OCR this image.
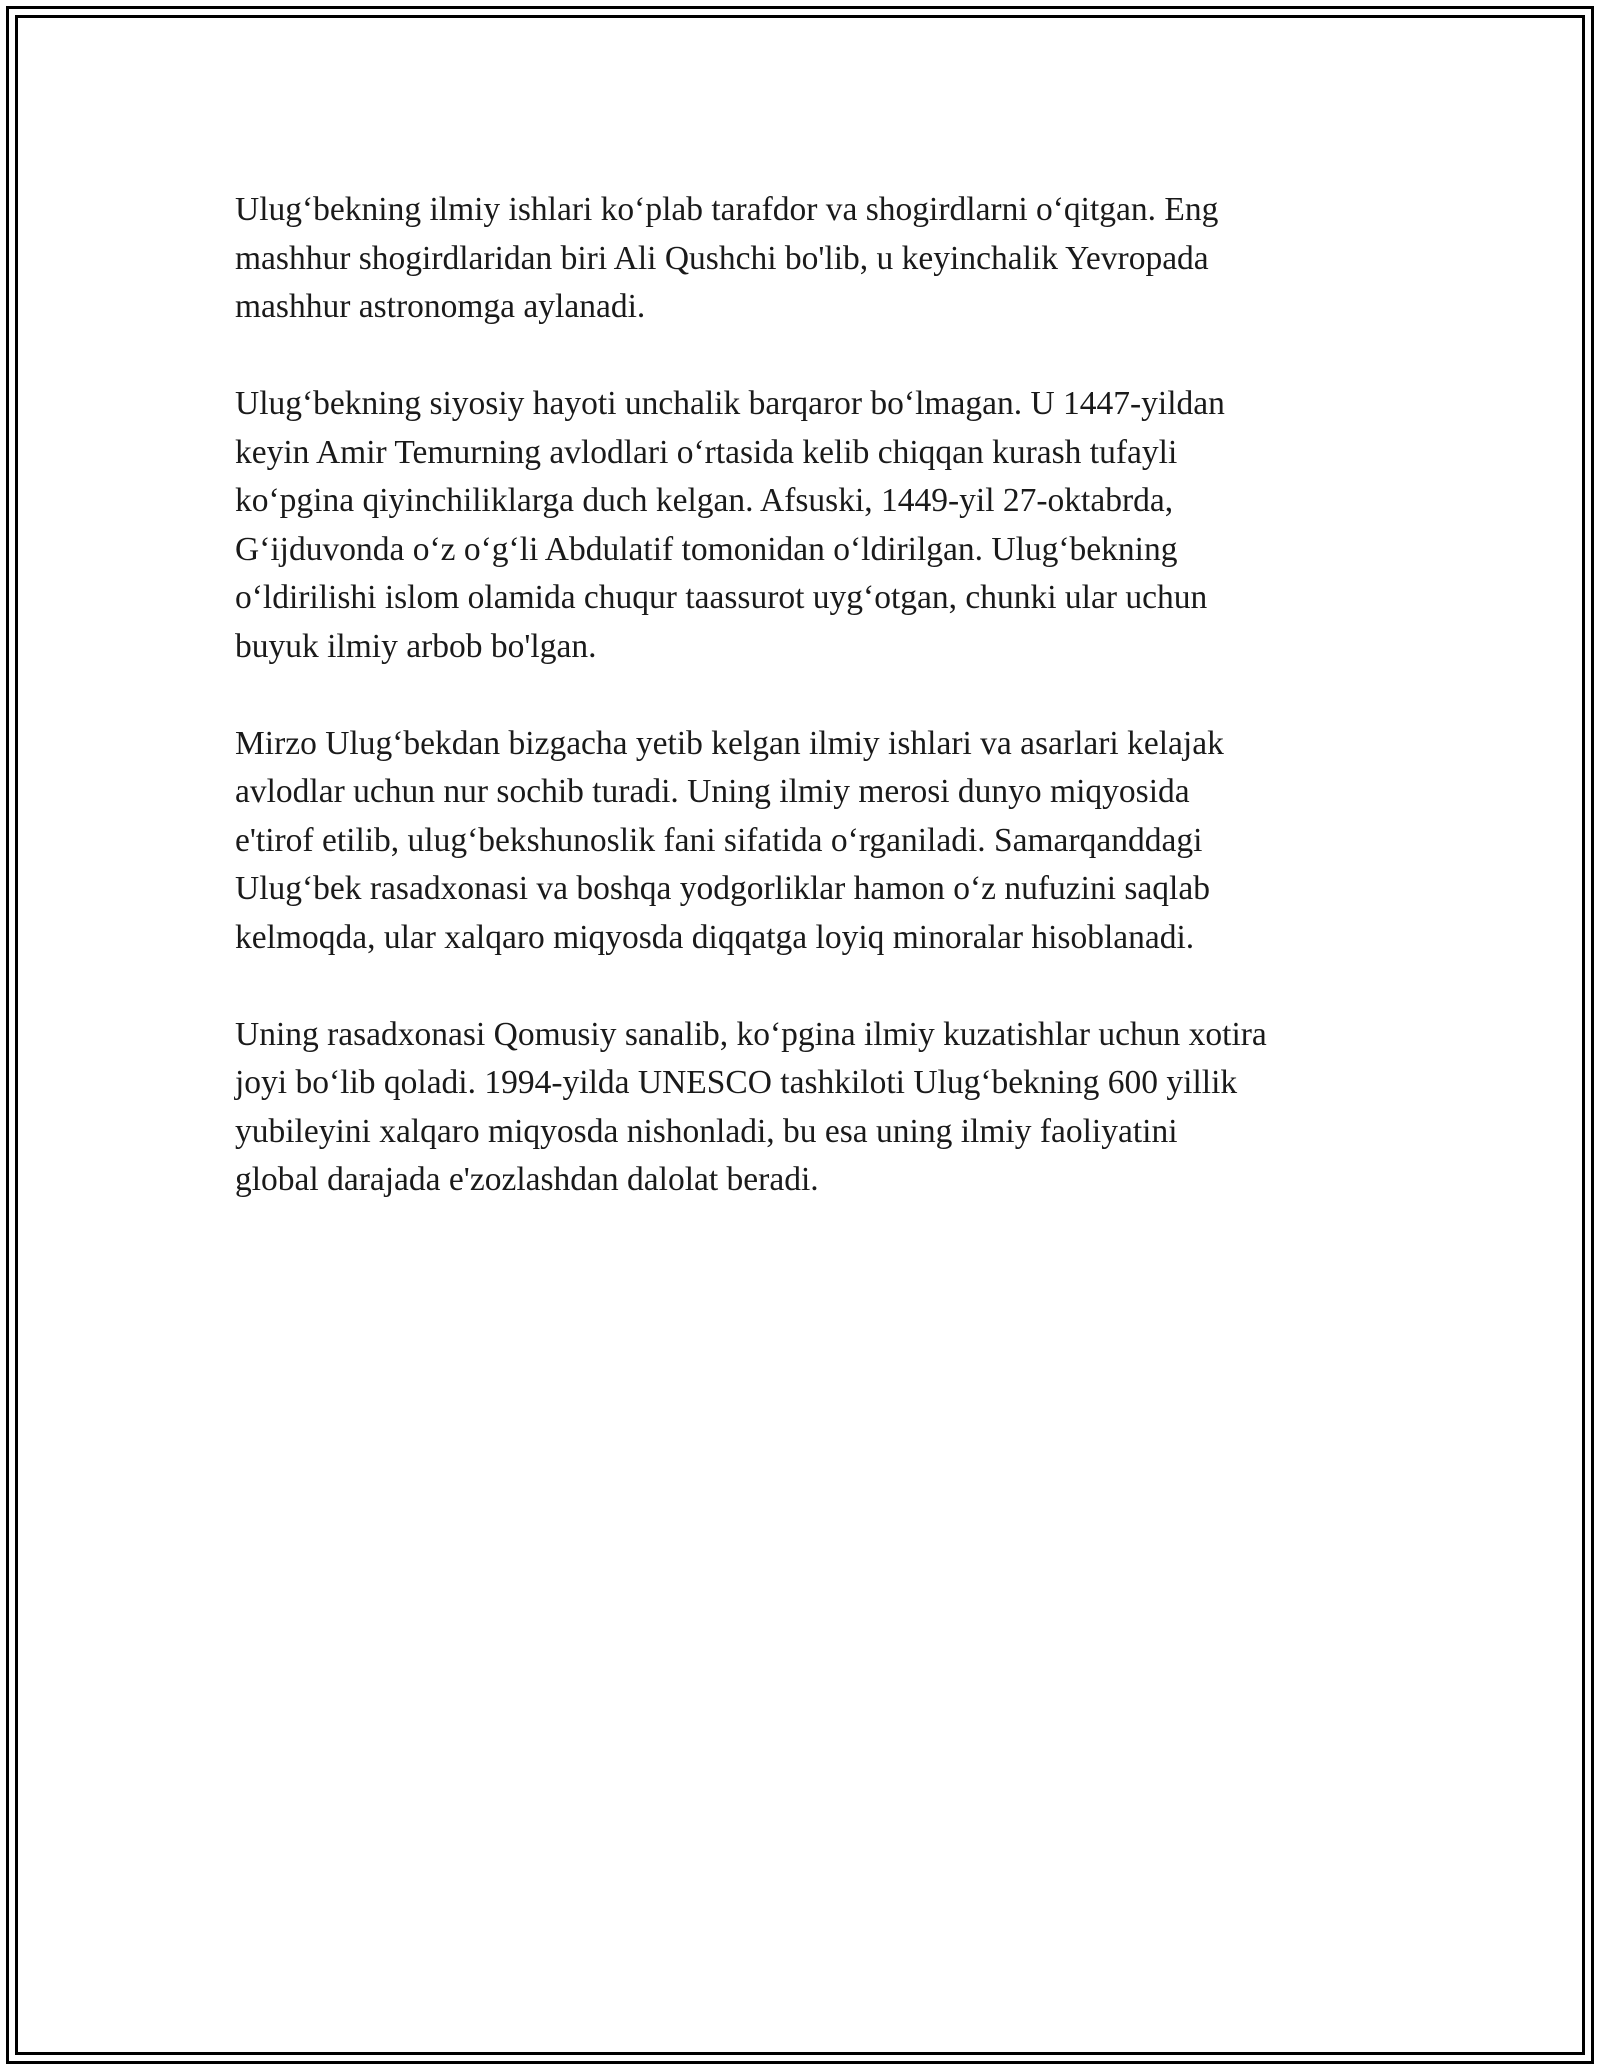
Ulug‘bekning ilmiy ishlari ko‘plab tarafdor va shogirdlarni o‘qitgan. Eng
mashhur shogirdlaridan biri Ali Qushchi bo'lib, u keyinchalik Yevropada
mashhur astronomga aylanadi.

Ulug‘bekning siyosiy hayoti unchalik barqaror bo‘lmagan. U 1447-yildan
keyin Amir Temurning avlodlari o‘rtasida kelib chiqqan kurash tufayli
ko‘pgina qiyinchiliklarga duch kelgan. Afsuski, 1449-yil 27-oktabrda,
G‘ijduvonda o‘z o‘g‘li Abdulatif tomonidan o‘ldirilgan. Ulug‘bekning
o‘ldirilishi islom olamida chuqur taassurot uyg‘otgan, chunki ular uchun
buyuk ilmiy arbob bo'lgan.

Mirzo Ulug‘bekdan bizgacha yetib kelgan ilmiy ishlari va asarlari kelajak
avlodlar uchun nur sochib turadi. Uning ilmiy merosi dunyo miqyosida
e'tirof etilib, ulug‘bekshunoslik fani sifatida o‘rganiladi. Samarqanddagi
Ulug‘bek rasadxonasi va boshqa yodgorliklar hamon o‘z nufuzini saqlab
kelmoqda, ular xalqaro miqyosda diqqatga loyiq minoralar hisoblanadi.

Uning rasadxonasi Qomusiy sanalib, ko‘pgina ilmiy kuzatishlar uchun xotira
joyi bo‘lib qoladi. 1994-yilda UNESCO tashkiloti Ulug‘bekning 600 yillik
yubileyini xalqaro miqyosda nishonladi, bu esa uning ilmiy faoliyatini
global darajada e'zozlashdan dalolat beradi.
